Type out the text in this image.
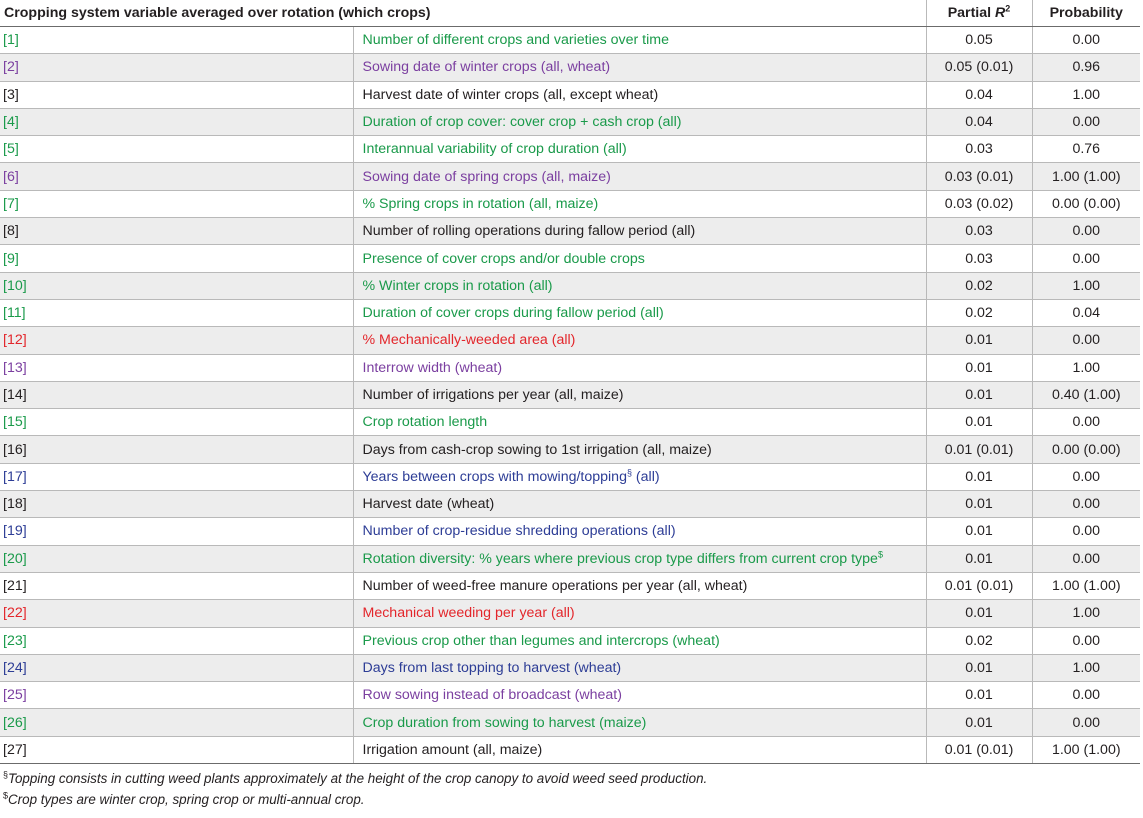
Cropping system variable averaged over rotation (which crops)		Partial $R^2$	Probability
[1]	Number of different crops and varieties over time	0.05	0.00
[2]	Sowing date of winter crops (all, wheat)	0.05 (0.01)	0.96
[3]	Harvest date of winter crops (all, except wheat)	0.04	1.00
[4]	Duration of crop cover: cover crop + cash crop (all)	0.04	0.00
[5]	Interannual variability of crop duration (all)	0.03	0.76
[6]	Sowing date of spring crops (all, maize)	0.03 (0.01)	1.00 (1.00)
[7]	% Spring crops in rotation (all, maize)	0.03 (0.02)	0.00 (0.00)
[8]	Number of rolling operations during fallow period (all)	0.03	0.00
[9]	Presence of cover crops and/or double crops	0.03	0.00
[10]	% Winter crops in rotation (all)	0.02	1.00
[11]	Duration of cover crops during fallow period (all)	0.02	0.04
[12]	% Mechanically-weeded area (all)	0.01	0.00
[13]	Interrow width (wheat)	0.01	1.00
[14]	Number of irrigations per year (all, maize)	0.01	0.40 (1.00)
[15]	Crop rotation length	0.01	0.00
[16]	Days from cash-crop sowing to 1st irrigation (all, maize)	0.01 (0.01)	0.00 (0.00)
[17]	Years between crops with mowing/topping§ (all)	0.01	0.00
[18]	Harvest date (wheat)	0.01	0.00
[19]	Number of crop-residue shredding operations (all)	0.01	0.00
[20]	Rotation diversity: % years where previous crop type differs from current crop type$	0.01	0.00
[21]	Number of weed-free manure operations per year (all, wheat)	0.01 (0.01)	1.00 (1.00)
[22]	Mechanical weeding per year (all)	0.01	1.00
[23]	Previous crop other than legumes and intercrops (wheat)	0.02	0.00
[24]	Days from last topping to harvest (wheat)	0.01	1.00
[25]	Row sowing instead of broadcast (wheat)	0.01	0.00
[26]	Crop duration from sowing to harvest (maize)	0.01	0.00
[27]	Irrigation amount (all, maize)	0.01 (0.01)	1.00 (1.00)
§Topping consists in cutting weed plants approximately at the height of the crop canopy to avoid weed seed production.
$Crop types are winter crop, spring crop or multi-annual crop.
